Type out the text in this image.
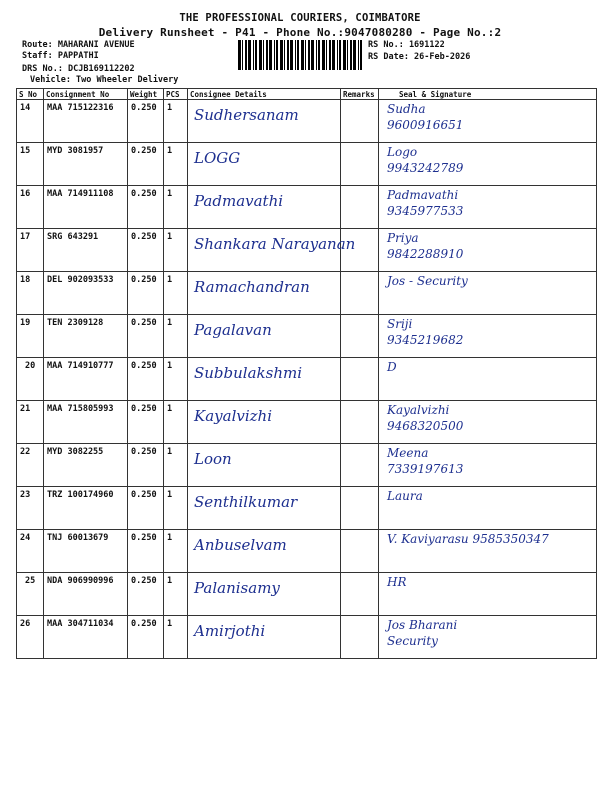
THE PROFESSIONAL COURIERS, COIMBATORE
Delivery Runsheet - P41 - Phone No.:9047080280 - Page No.:2
Route: MAHARANI AVENUE
Staff: PAPPATHI
DRS No.: DCJB169112202
Vehicle: Two Wheeler Delivery
RS No.: 1691122
RS Date: 26-Feb-2026
S No	Consignment No	Weight	PCS	Consignee Details	Remarks	Seal & Signature
14	MAA 715122316	0.250	1	Sudhersanam		Sudha
9600916651

15	MYD 3081957	0.250	1	LOGG		Logo
9943242789

16	MAA 714911108	0.250	1	Padmavathi		Padmavathi
9345977533

17	SRG 643291	0.250	1	Shankara Narayanan		Priya
9842288910

18	DEL 902093533	0.250	1	Ramachandran		Jos - Security

19	TEN 2309128	0.250	1	Pagalavan		Sriji
9345219682

20	MAA 714910777	0.250	1	Subbulakshmi		D

21	MAA 715805993	0.250	1	Kayalvizhi		Kayalvizhi
9468320500

22	MYD 3082255	0.250	1	Loon		Meena
7339197613

23	TRZ 100174960	0.250	1	Senthilkumar		Laura

24	TNJ 60013679	0.250	1	Anbuselvam		V. Kaviyarasu 9585350347

25	NDA 906990996	0.250	1	Palanisamy		HR

26	MAA 304711034	0.250	1	Amirjothi		Jos Bharani
Security
